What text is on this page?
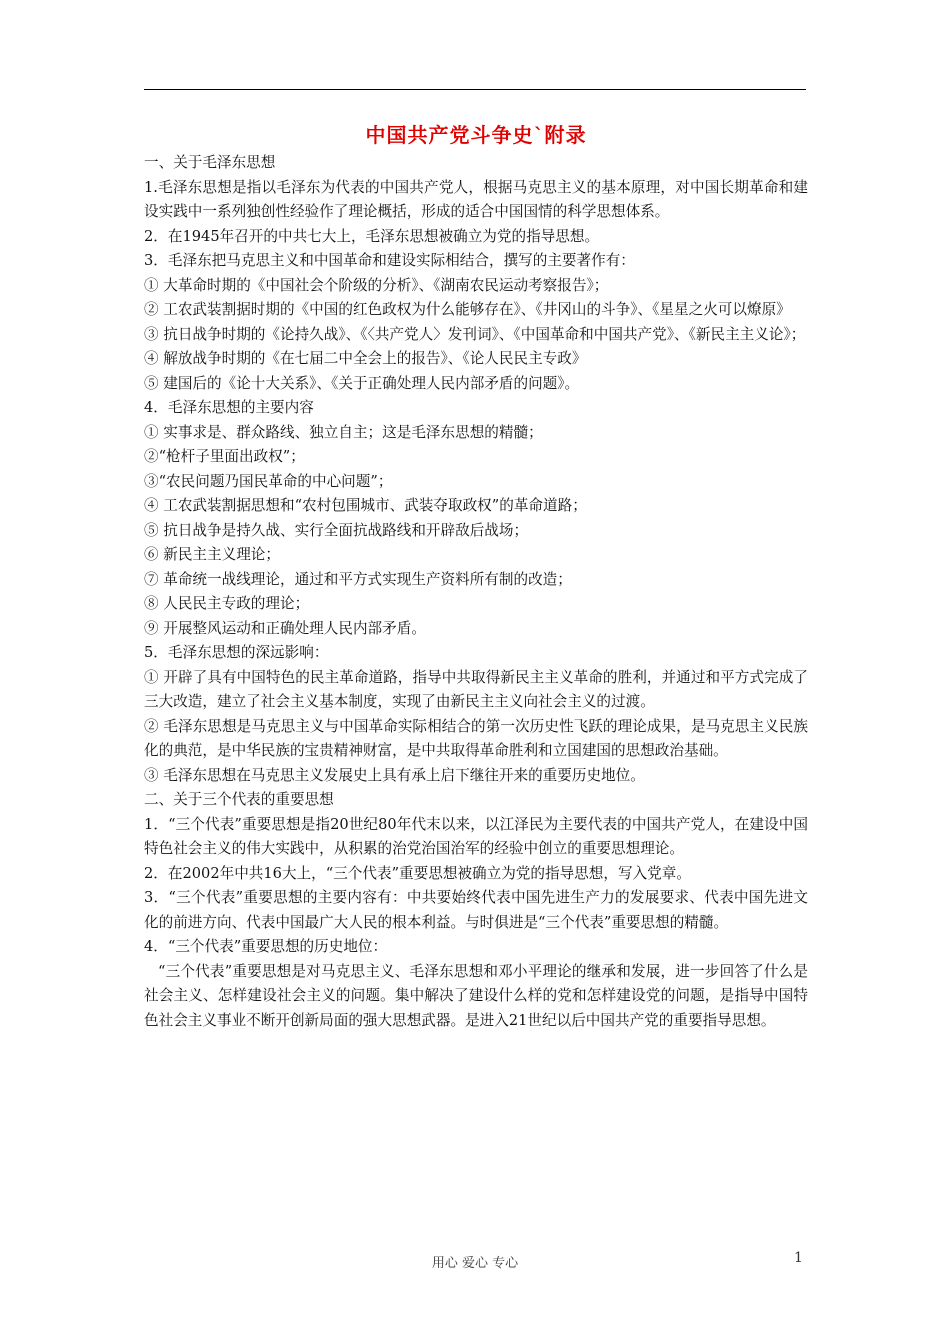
中国共产党斗争史`附录

一、关于毛泽东思想

1.毛泽东思想是指以毛泽东为代表的中国共产党人，根据马克思主义的基本原理，对中国长期革命和建设实践中一系列独创性经验作了理论概括，形成的适合中国国情的科学思想体系。

2．在1945年召开的中共七大上，毛泽东思想被确立为党的指导思想。

3．毛泽东把马克思主义和中国革命和建设实际相结合，撰写的主要著作有：

① 大革命时期的《中国社会个阶级的分析》、《湖南农民运动考察报告》；

② 工农武装割据时期的《中国的红色政权为什么能够存在》、《井冈山的斗争》、《星星之火可以燎原》

③ 抗日战争时期的《论持久战》、《〈共产党人〉发刊词》、《中国革命和中国共产党》、《新民主主义论》；

④ 解放战争时期的《在七届二中全会上的报告》、《论人民民主专政》

⑤ 建国后的《论十大关系》、《关于正确处理人民内部矛盾的问题》。

4．毛泽东思想的主要内容

① 实事求是、群众路线、独立自主；这是毛泽东思想的精髓；

②“枪杆子里面出政权”；

③“农民问题乃国民革命的中心问题”；

④ 工农武装割据思想和“农村包围城市、武装夺取政权”的革命道路；

⑤ 抗日战争是持久战、实行全面抗战路线和开辟敌后战场；

⑥ 新民主主义理论；

⑦ 革命统一战线理论，通过和平方式实现生产资料所有制的改造；

⑧ 人民民主专政的理论；

⑨ 开展整风运动和正确处理人民内部矛盾。

5．毛泽东思想的深远影响：

① 开辟了具有中国特色的民主革命道路，指导中共取得新民主主义革命的胜利，并通过和平方式完成了三大改造，建立了社会主义基本制度，实现了由新民主主义向社会主义的过渡。

② 毛泽东思想是马克思主义与中国革命实际相结合的第一次历史性飞跃的理论成果，是马克思主义民族化的典范，是中华民族的宝贵精神财富，是中共取得革命胜利和立国建国的思想政治基础。

③ 毛泽东思想在马克思主义发展史上具有承上启下继往开来的重要历史地位。

二、关于三个代表的重要思想

1．“三个代表”重要思想是指20世纪80年代末以来，以江泽民为主要代表的中国共产党人，在建设中国特色社会主义的伟大实践中，从积累的治党治国治军的经验中创立的重要思想理论。

2．在2002年中共16大上，“三个代表”重要思想被确立为党的指导思想，写入党章。

3．“三个代表”重要思想的主要内容有：中共要始终代表中国先进生产力的发展要求、代表中国先进文化的前进方向、代表中国最广大人民的根本利益。与时俱进是“三个代表”重要思想的精髓。

4．“三个代表”重要思想的历史地位：

“三个代表”重要思想是对马克思主义、毛泽东思想和邓小平理论的继承和发展，进一步回答了什么是社会主义、怎样建设社会主义的问题。集中解决了建设什么样的党和怎样建设党的问题，是指导中国特色社会主义事业不断开创新局面的强大思想武器。是进入21世纪以后中国共产党的重要指导思想。

用心 爱心 专心	1
